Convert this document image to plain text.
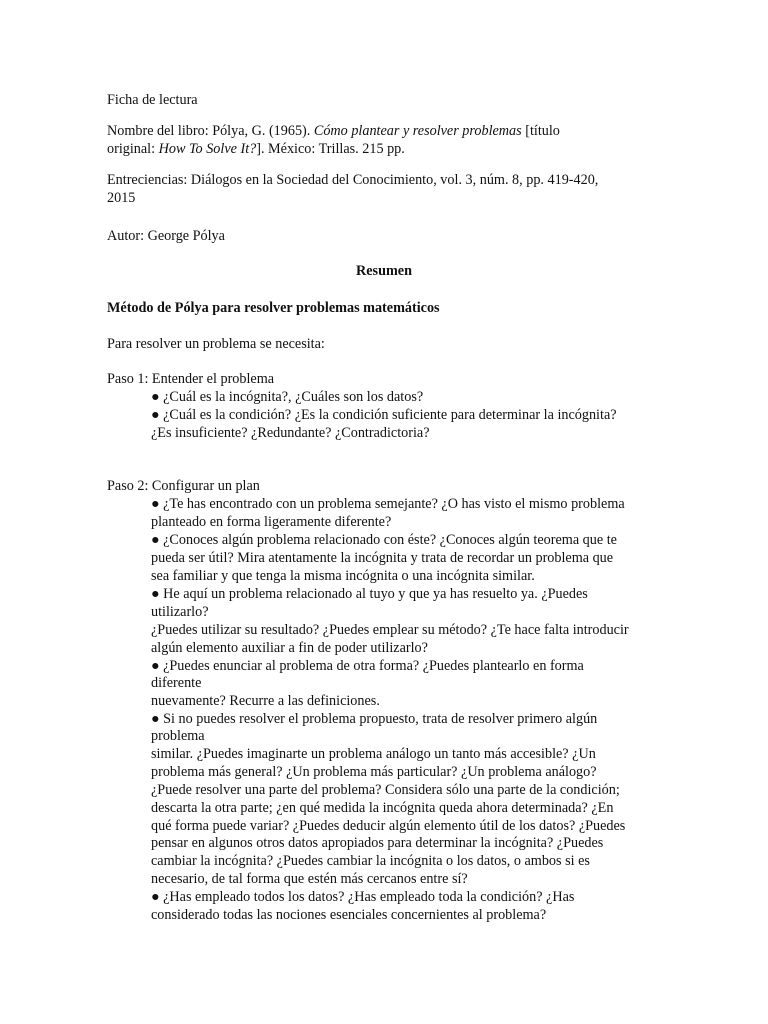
Ficha de lectura

Nombre del libro: Pólya, G. (1965). Cómo plantear y resolver problemas [título

original: How To Solve It?]. México: Trillas. 215 pp.

Entreciencias: Diálogos en la Sociedad del Conocimiento, vol. 3, núm. 8, pp. 419-420,

2015

Autor: George Pólya

Resumen

Método de Pólya para resolver problemas matemáticos

Para resolver un problema se necesita:

Paso 1: Entender el problema

● ¿Cuál es la incógnita?, ¿Cuáles son los datos?

● ¿Cuál es la condición? ¿Es la condición suficiente para determinar la incógnita?

¿Es insuficiente? ¿Redundante? ¿Contradictoria?

Paso 2: Configurar un plan

● ¿Te has encontrado con un problema semejante? ¿O has visto el mismo problema

planteado en forma ligeramente diferente?

● ¿Conoces algún problema relacionado con éste? ¿Conoces algún teorema que te

pueda ser útil? Mira atentamente la incógnita y trata de recordar un problema que

sea familiar y que tenga la misma incógnita o una incógnita similar.

● He aquí un problema relacionado al tuyo y que ya has resuelto ya. ¿Puedes

utilizarlo?

¿Puedes utilizar su resultado? ¿Puedes emplear su método? ¿Te hace falta introducir

algún elemento auxiliar a fin de poder utilizarlo?

● ¿Puedes enunciar al problema de otra forma? ¿Puedes plantearlo en forma

diferente

nuevamente? Recurre a las definiciones.

● Si no puedes resolver el problema propuesto, trata de resolver primero algún

problema

similar. ¿Puedes imaginarte un problema análogo un tanto más accesible? ¿Un

problema más general? ¿Un problema más particular? ¿Un problema análogo?

¿Puede resolver una parte del problema? Considera sólo una parte de la condición;

descarta la otra parte; ¿en qué medida la incógnita queda ahora determinada? ¿En

qué forma puede variar? ¿Puedes deducir algún elemento útil de los datos? ¿Puedes

pensar en algunos otros datos apropiados para determinar la incógnita? ¿Puedes

cambiar la incógnita? ¿Puedes cambiar la incógnita o los datos, o ambos si es

necesario, de tal forma que estén más cercanos entre sí?

● ¿Has empleado todos los datos? ¿Has empleado toda la condición? ¿Has

considerado todas las nociones esenciales concernientes al problema?
